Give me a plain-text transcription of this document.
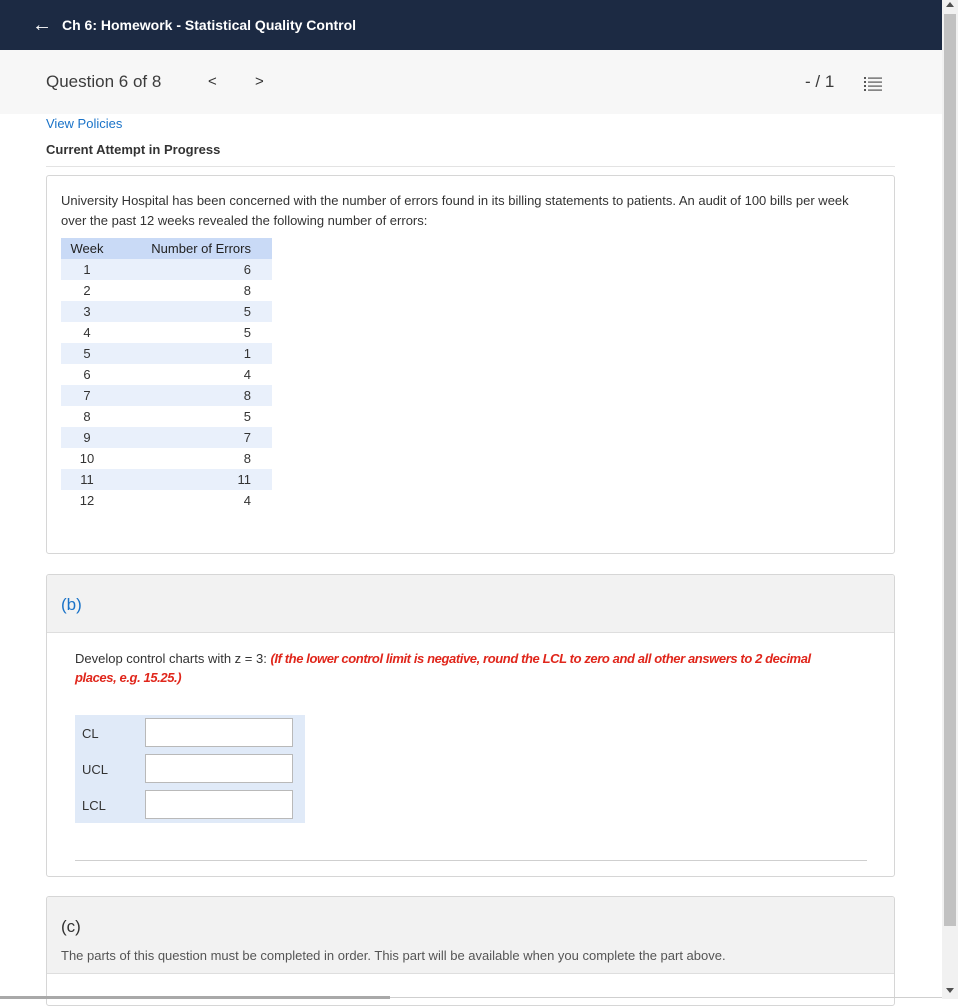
← Ch 6: Homework - Statistical Quality Control
Question 6 of 8	<	>	- / 1
View Policies
Current Attempt in Progress
University Hospital has been concerned with the number of errors found in its billing statements to patients. An audit of 100 bills per week over the past 12 weeks revealed the following number of errors:
Week	Number of Errors
1	6
2	8
3	5
4	5
5	1
6	4
7	8
8	5
9	7
10	8
11	11
12	4
(b)
Develop control charts with z = 3: (If the lower control limit is negative, round the LCL to zero and all other answers to 2 decimal places, e.g. 15.25.)
CL
UCL
LCL
(c)
The parts of this question must be completed in order. This part will be available when you complete the part above.
